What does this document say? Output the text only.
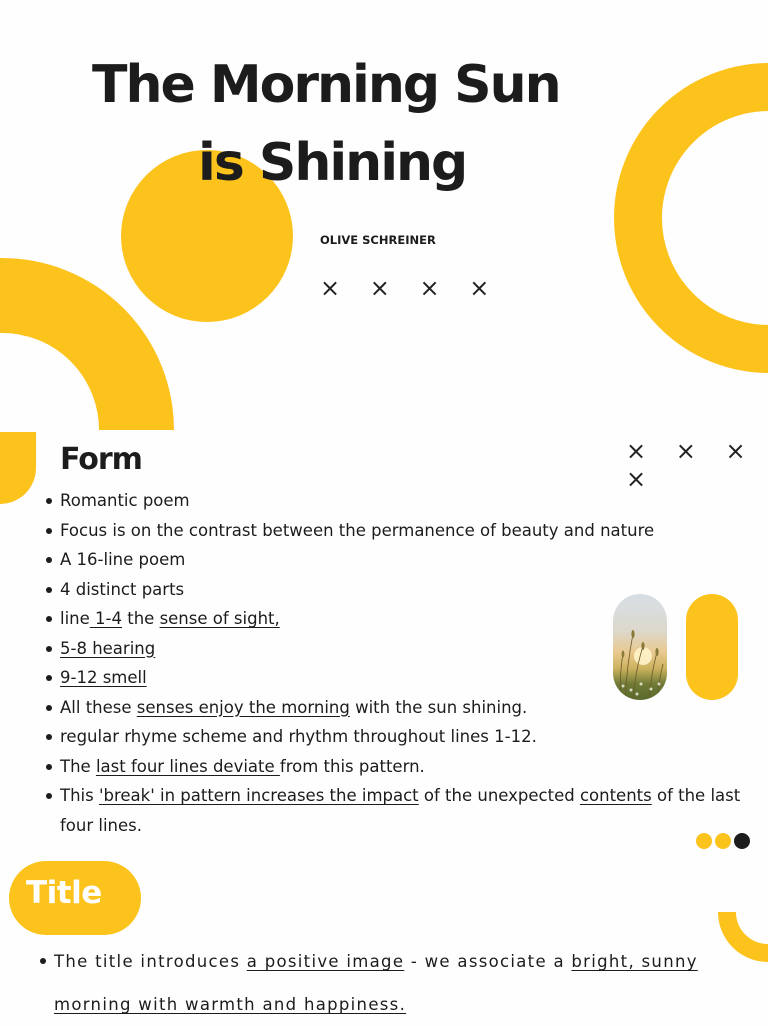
The Morning Sun
is Shining
OLIVE SCHREINER
× × × ×
× × × ×
Form
Romantic poem
Focus is on the contrast between the permanence of beauty and nature
A 16-line poem
4 distinct parts
line 1-4 the sense of sight,
5-8 hearing
9-12 smell
All these senses enjoy the morning with the sun shining.
regular rhyme scheme and rhythm throughout lines 1-12.
The last four lines deviate from this pattern.
This 'break' in pattern increases the impact of the unexpected contents of the last four lines.
Title
The title introduces a positive image - we associate a bright, sunny morning with warmth and happiness.
